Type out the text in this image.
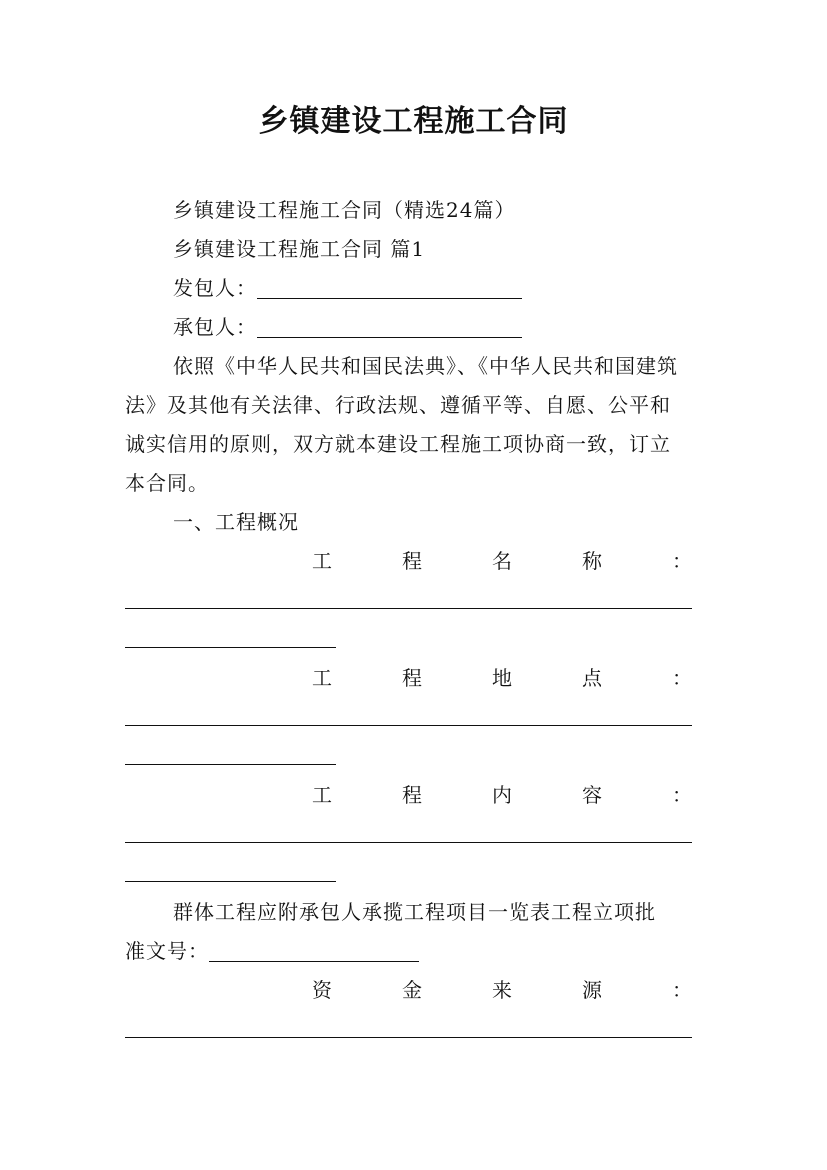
乡镇建设工程施工合同
乡镇建设工程施工合同（精选24篇）
乡镇建设工程施工合同 篇1
发包人：
承包人：
依照《中华人民共和国民法典》、《中华人民共和国建筑
法》及其他有关法律、行政法规、遵循平等、自愿、公平和
诚实信用的原则，双方就本建设工程施工项协商一致，订立
本合同。
一、工程概况
工	程	名	称	：
工	程	地	点	：
工	程	内	容	：
群体工程应附承包人承揽工程项目一览表工程立项批
准文号：
资	金	来	源	：
